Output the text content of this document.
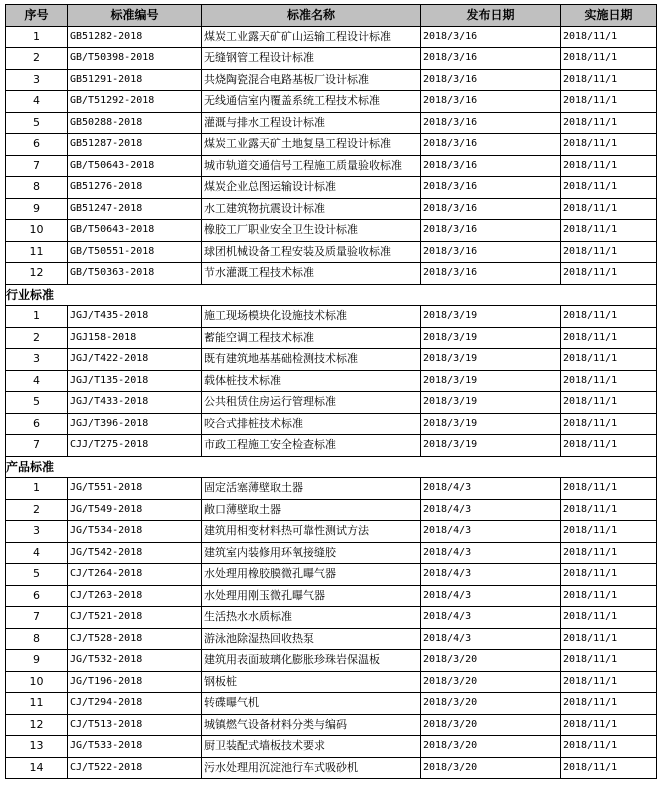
序号	标准编号	标准名称	发布日期	实施日期
1	GB51282-2018	煤炭工业露天矿矿山运输工程设计标准	2018/3/16	2018/11/1
2	GB/T50398-2018	无缝钢管工程设计标准	2018/3/16	2018/11/1
3	GB51291-2018	共烧陶瓷混合电路基板厂设计标准	2018/3/16	2018/11/1
4	GB/T51292-2018	无线通信室内覆盖系统工程技术标准	2018/3/16	2018/11/1
5	GB50288-2018	灌溉与排水工程设计标准	2018/3/16	2018/11/1
6	GB51287-2018	煤炭工业露天矿土地复垦工程设计标准	2018/3/16	2018/11/1
7	GB/T50643-2018	城市轨道交通信号工程施工质量验收标准	2018/3/16	2018/11/1
8	GB51276-2018	煤炭企业总图运输设计标准	2018/3/16	2018/11/1
9	GB51247-2018	水工建筑物抗震设计标准	2018/3/16	2018/11/1
10	GB/T50643-2018	橡胶工厂职业安全卫生设计标准	2018/3/16	2018/11/1
11	GB/T50551-2018	球团机械设备工程安装及质量验收标准	2018/3/16	2018/11/1
12	GB/T50363-2018	节水灌溉工程技术标准	2018/3/16	2018/11/1
行业标准				
1	JGJ/T435-2018	施工现场模块化设施技术标准	2018/3/19	2018/11/1
2	JGJ158-2018	蓄能空调工程技术标准	2018/3/19	2018/11/1
3	JGJ/T422-2018	既有建筑地基基础检测技术标准	2018/3/19	2018/11/1
4	JGJ/T135-2018	载体桩技术标准	2018/3/19	2018/11/1
5	JGJ/T433-2018	公共租赁住房运行管理标准	2018/3/19	2018/11/1
6	JGJ/T396-2018	咬合式排桩技术标准	2018/3/19	2018/11/1
7	CJJ/T275-2018	市政工程施工安全检查标准	2018/3/19	2018/11/1
产品标准				
1	JG/T551-2018	固定活塞薄壁取土器	2018/4/3	2018/11/1
2	JG/T549-2018	敞口薄壁取土器	2018/4/3	2018/11/1
3	JG/T534-2018	建筑用相变材料热可靠性测试方法	2018/4/3	2018/11/1
4	JG/T542-2018	建筑室内装修用环氧接缝胶	2018/4/3	2018/11/1
5	CJ/T264-2018	水处理用橡胶膜微孔曝气器	2018/4/3	2018/11/1
6	CJ/T263-2018	水处理用刚玉微孔曝气器	2018/4/3	2018/11/1
7	CJ/T521-2018	生活热水水质标准	2018/4/3	2018/11/1
8	CJ/T528-2018	游泳池除湿热回收热泵	2018/4/3	2018/11/1
9	JG/T532-2018	建筑用表面玻璃化膨胀珍珠岩保温板	2018/3/20	2018/11/1
10	JG/T196-2018	钢板桩	2018/3/20	2018/11/1
11	CJ/T294-2018	转碟曝气机	2018/3/20	2018/11/1
12	CJ/T513-2018	城镇燃气设备材料分类与编码	2018/3/20	2018/11/1
13	JG/T533-2018	厨卫装配式墙板技术要求	2018/3/20	2018/11/1
14	CJ/T522-2018	污水处理用沉淀池行车式吸砂机	2018/3/20	2018/11/1
